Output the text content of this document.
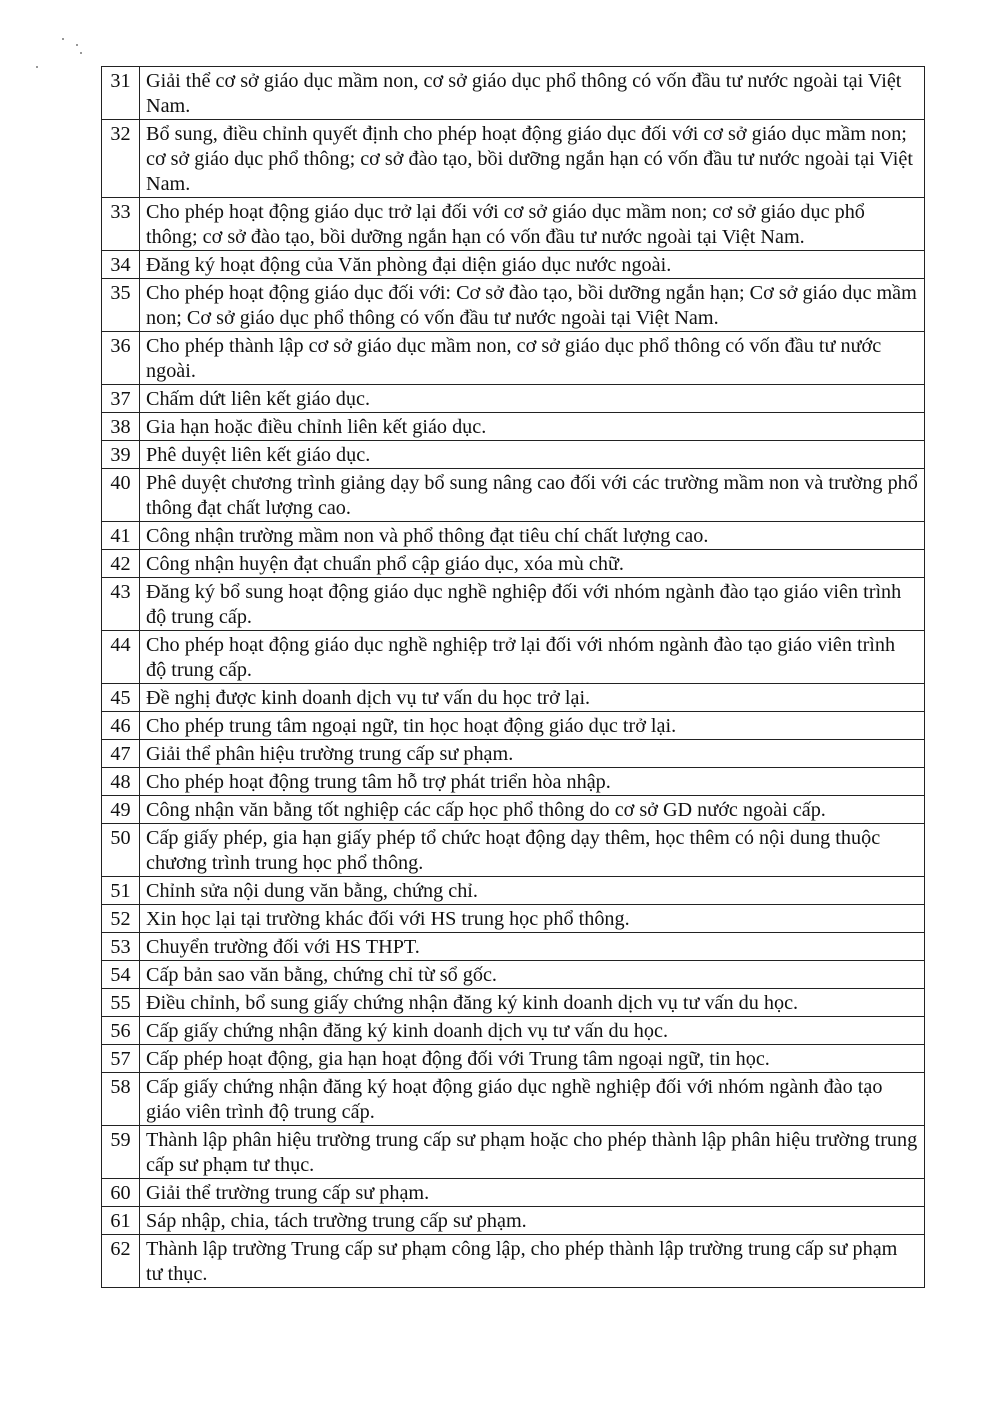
31	Giải thể cơ sở giáo dục mầm non, cơ sở giáo dục phổ thông có vốn đầu tư nước ngoài tại Việt Nam.
32	Bổ sung, điều chỉnh quyết định cho phép hoạt động giáo dục đối với cơ sở giáo dục mầm non; cơ sở giáo dục phổ thông; cơ sở đào tạo, bồi dưỡng ngắn hạn có vốn đầu tư nước ngoài tại Việt Nam.
33	Cho phép hoạt động giáo dục trở lại đối với cơ sở giáo dục mầm non; cơ sở giáo dục phổ thông; cơ sở đào tạo, bồi dưỡng ngắn hạn có vốn đầu tư nước ngoài tại Việt Nam.
34	Đăng ký hoạt động của Văn phòng đại diện giáo dục nước ngoài.
35	Cho phép hoạt động giáo dục đối với: Cơ sở đào tạo, bồi dưỡng ngắn hạn; Cơ sở giáo dục mầm non; Cơ sở giáo dục phổ thông có vốn đầu tư nước ngoài tại Việt Nam.
36	Cho phép thành lập cơ sở giáo dục mầm non, cơ sở giáo dục phổ thông có vốn đầu tư nước ngoài.
37	Chấm dứt liên kết giáo dục.
38	Gia hạn hoặc điều chỉnh liên kết giáo dục.
39	Phê duyệt liên kết giáo dục.
40	Phê duyệt chương trình giảng dạy bổ sung nâng cao đối với các trường mầm non và trường phổ thông đạt chất lượng cao.
41	Công nhận trường mầm non và phổ thông đạt tiêu chí chất lượng cao.
42	Công nhận huyện đạt chuẩn phổ cập giáo dục, xóa mù chữ.
43	Đăng ký bổ sung hoạt động giáo dục nghề nghiệp đối với nhóm ngành đào tạo giáo viên trình độ trung cấp.
44	Cho phép hoạt động giáo dục nghề nghiệp trở lại đối với nhóm ngành đào tạo giáo viên trình độ trung cấp.
45	Đề nghị được kinh doanh dịch vụ tư vấn du học trở lại.
46	Cho phép trung tâm ngoại ngữ, tin học hoạt động giáo dục trở lại.
47	Giải thể phân hiệu trường trung cấp sư phạm.
48	Cho phép hoạt động trung tâm hỗ trợ phát triển hòa nhập.
49	Công nhận văn bằng tốt nghiệp các cấp học phổ thông do cơ sở GD nước ngoài cấp.
50	Cấp giấy phép, gia hạn giấy phép tổ chức hoạt động dạy thêm, học thêm có nội dung thuộc chương trình trung học phổ thông.
51	Chỉnh sửa nội dung văn bằng, chứng chỉ.
52	Xin học lại tại trường khác đối với HS trung học phổ thông.
53	Chuyển trường đối với HS THPT.
54	Cấp bản sao văn bằng, chứng chỉ từ sổ gốc.
55	Điều chỉnh, bổ sung giấy chứng nhận đăng ký kinh doanh dịch vụ tư vấn du học.
56	Cấp giấy chứng nhận đăng ký kinh doanh dịch vụ tư vấn du học.
57	Cấp phép hoạt động, gia hạn hoạt động đối với Trung tâm ngoại ngữ, tin học.
58	Cấp giấy chứng nhận đăng ký hoạt động giáo dục nghề nghiệp đối với nhóm ngành đào tạo giáo viên trình độ trung cấp.
59	Thành lập phân hiệu trường trung cấp sư phạm hoặc cho phép thành lập phân hiệu trường trung cấp sư phạm tư thục.
60	Giải thể trường trung cấp sư phạm.
61	Sáp nhập, chia, tách trường trung cấp sư phạm.
62	Thành lập trường Trung cấp sư phạm công lập, cho phép thành lập trường trung cấp sư phạm tư thục.
